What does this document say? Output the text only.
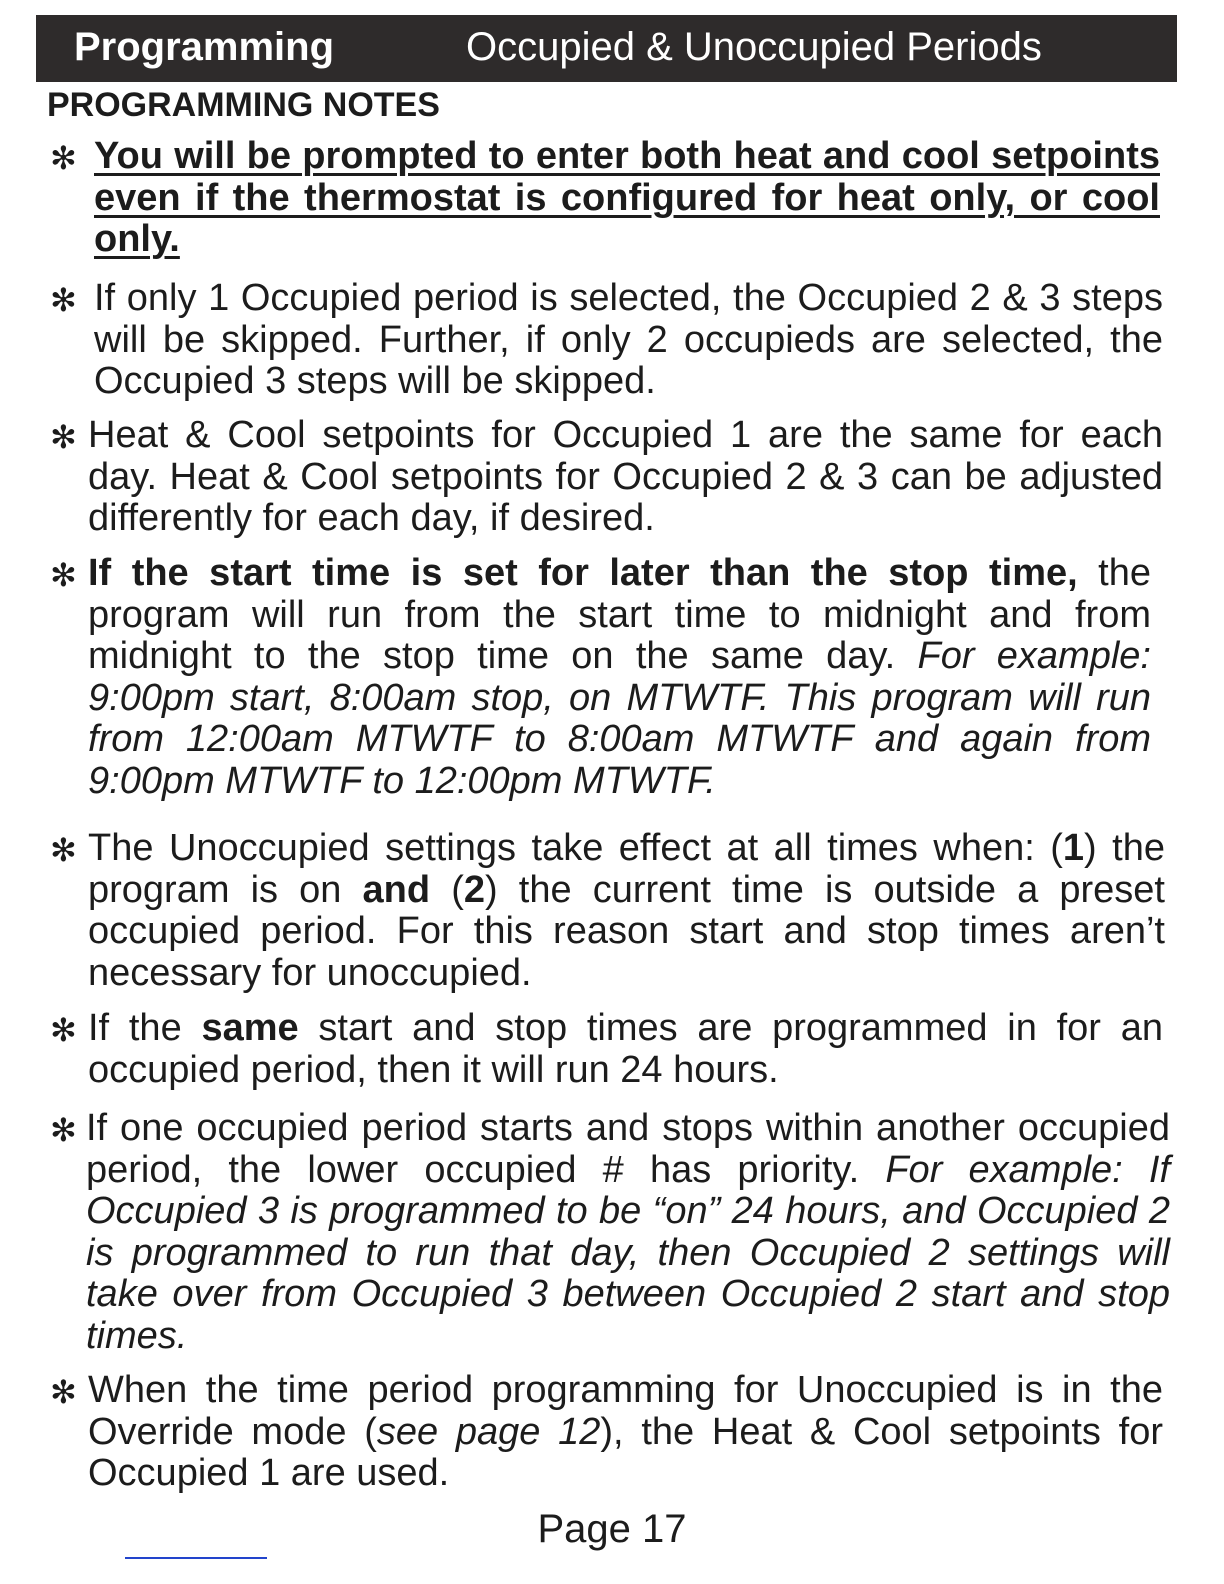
Programming	Occupied & Unoccupied Periods
PROGRAMMING NOTES
✻ You will be prompted to enter both heat and cool setpoints even if the thermostat is configured for heat only, or cool only.
✻ If only 1 Occupied period is selected, the Occupied 2 & 3 steps will be skipped. Further, if only 2 occupieds are selected, the Occupied 3 steps will be skipped.
✻ Heat & Cool setpoints for Occupied 1 are the same for each day. Heat & Cool setpoints for Occupied 2 & 3 can be adjusted differently for each day, if desired.
✻ If the start time is set for later than the stop time, the program will run from the start time to midnight and from midnight to the stop time on the same day. For example: 9:00pm start, 8:00am stop, on MTWTF. This program will run from 12:00am MTWTF to 8:00am MTWTF and again from 9:00pm MTWTF to 12:00pm MTWTF.
✻ The Unoccupied settings take effect at all times when: (1) the program is on and (2) the current time is outside a preset occupied period. For this reason start and stop times aren’t necessary for unoccupied.
✻ If the same start and stop times are programmed in for an occupied period, then it will run 24 hours.
✻ If one occupied period starts and stops within another occupied period, the lower occupied # has priority. For example: If Occupied 3 is programmed to be “on” 24 hours, and Occupied 2 is programmed to run that day, then Occupied 2 settings will take over from Occupied 3 between Occupied 2 start and stop times.
✻ When the time period programming for Unoccupied is in the Override mode (see page 12), the Heat & Cool setpoints for Occupied 1 are used.
Page 17
